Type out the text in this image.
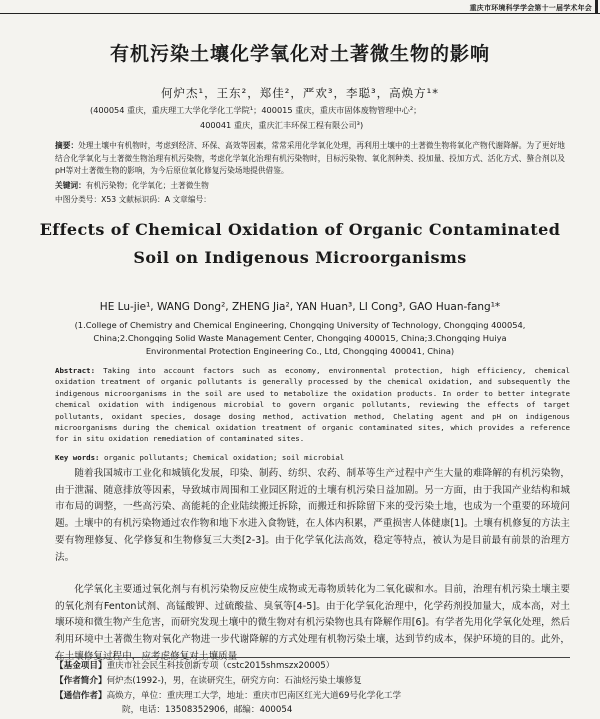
重庆市环境科学学会第十一届学术年会
有机污染土壤化学氧化对土著微生物的影响
何炉杰¹，王东²，郑佳²，严欢³，李聪³，高焕方¹*
(400054 重庆，重庆理工大学化学化工学院¹；400015 重庆，重庆市固体废物管理中心²；
400041 重庆，重庆汇丰环保工程有限公司³)
摘要：处理土壤中有机物时，考虑到经济、环保、高效等因素，常常采用化学氧化处理，再利用土壤中的土著微生物将氧化产物代谢降解。为了更好地结合化学氧化与土著微生物治理有机污染物，考虑化学氧化治理有机污染物时，目标污染物、氧化剂种类、投加量、投加方式、活化方式、螯合剂以及pH等对土著微生物的影响，为今后原位氧化修复污染场地提供借鉴。
关键词：有机污染物；化学氧化；土著微生物
中图分类号：X53 文献标识码：A 文章编号：
Effects of Chemical Oxidation of Organic Contaminated
Soil on Indigenous Microorganisms
HE Lu-jie¹, WANG Dong², ZHENG Jia², YAN Huan³, LI Cong³, GAO Huan-fang¹*
(1.College of Chemistry and Chemical Engineering, Chongqing University of Technology, Chongqing 400054,
China;2.Chongqing Solid Waste Management Center, Chongqing 400015, China;3.Chongqing Huiya
Environmental Protection Engineering Co., Ltd, Chongqing 400041, China)
Abstract: Taking into account factors such as economy, environmental protection, high efficiency, chemical oxidation treatment of organic pollutants is generally processed by the chemical oxidation, and subsequently the indigenous microorganisms in the soil are used to metabolize the oxidation products. In order to better integrate chemical oxidation with indigenous microbial to govern organic pollutants, reviewing the effects of target pollutants, oxidant species, dosage dosing method, activation method, Chelating agent and pH on indigenous microorganisms during the chemical oxidation treatment of organic contaminated sites, which provides a reference for in situ oxidation remediation of contaminated sites.
Key words: organic pollutants; Chemical oxidation; soil microbial
随着我国城市工业化和城镇化发展，印染、制药、纺织、农药、制革等生产过程中产生大量的难降解的有机污染物，由于泄漏、随意排放等因素，导致城市周围和工业园区附近的土壤有机污染日益加剧。另一方面，由于我国产业结构和城市布局的调整，一些高污染、高能耗的企业陆续搬迁拆除，而搬迁和拆除留下来的受污染土地，也成为一个重要的环境问题。土壤中的有机污染物通过农作物和地下水进入食物链，在人体内积累，严重损害人体健康[1]。土壤有机修复的方法主要有物理修复、化学修复和生物修复三大类[2-3]。由于化学氧化法高效，稳定等特点，被认为是目前最有前景的治理方法。
化学氧化主要通过氧化剂与有机污染物反应使生成物或无毒物质转化为二氧化碳和水。目前，治理有机污染土壤主要的氧化剂有Fenton试剂、高锰酸钾、过硫酸盐、臭氧等[4-5]。由于化学氧化治理中，化学药剂投加量大，成本高，对土壤环境和微生物产生危害，而研究发现土壤中的微生物对有机污染物也具有降解作用[6]。有学者先用化学氧化处理，然后利用环境中土著微生物对氧化产物进一步代谢降解的方式处理有机物污染土壤，达到节约成本，保护环境的目的。此外，在土壤修复过程中，应考虑修复对土壤质量
【基金项目】重庆市社会民生科技创新专项（cstc2015shmszx20005）
【作者简介】何炉杰(1992-)，男，在读研究生，研究方向：石油烃污染土壤修复
【通信作者】高焕方，单位：重庆理工大学，地址：重庆市巴南区红光大道69号化学化工学
院，电话：13508352906，邮编：400054
